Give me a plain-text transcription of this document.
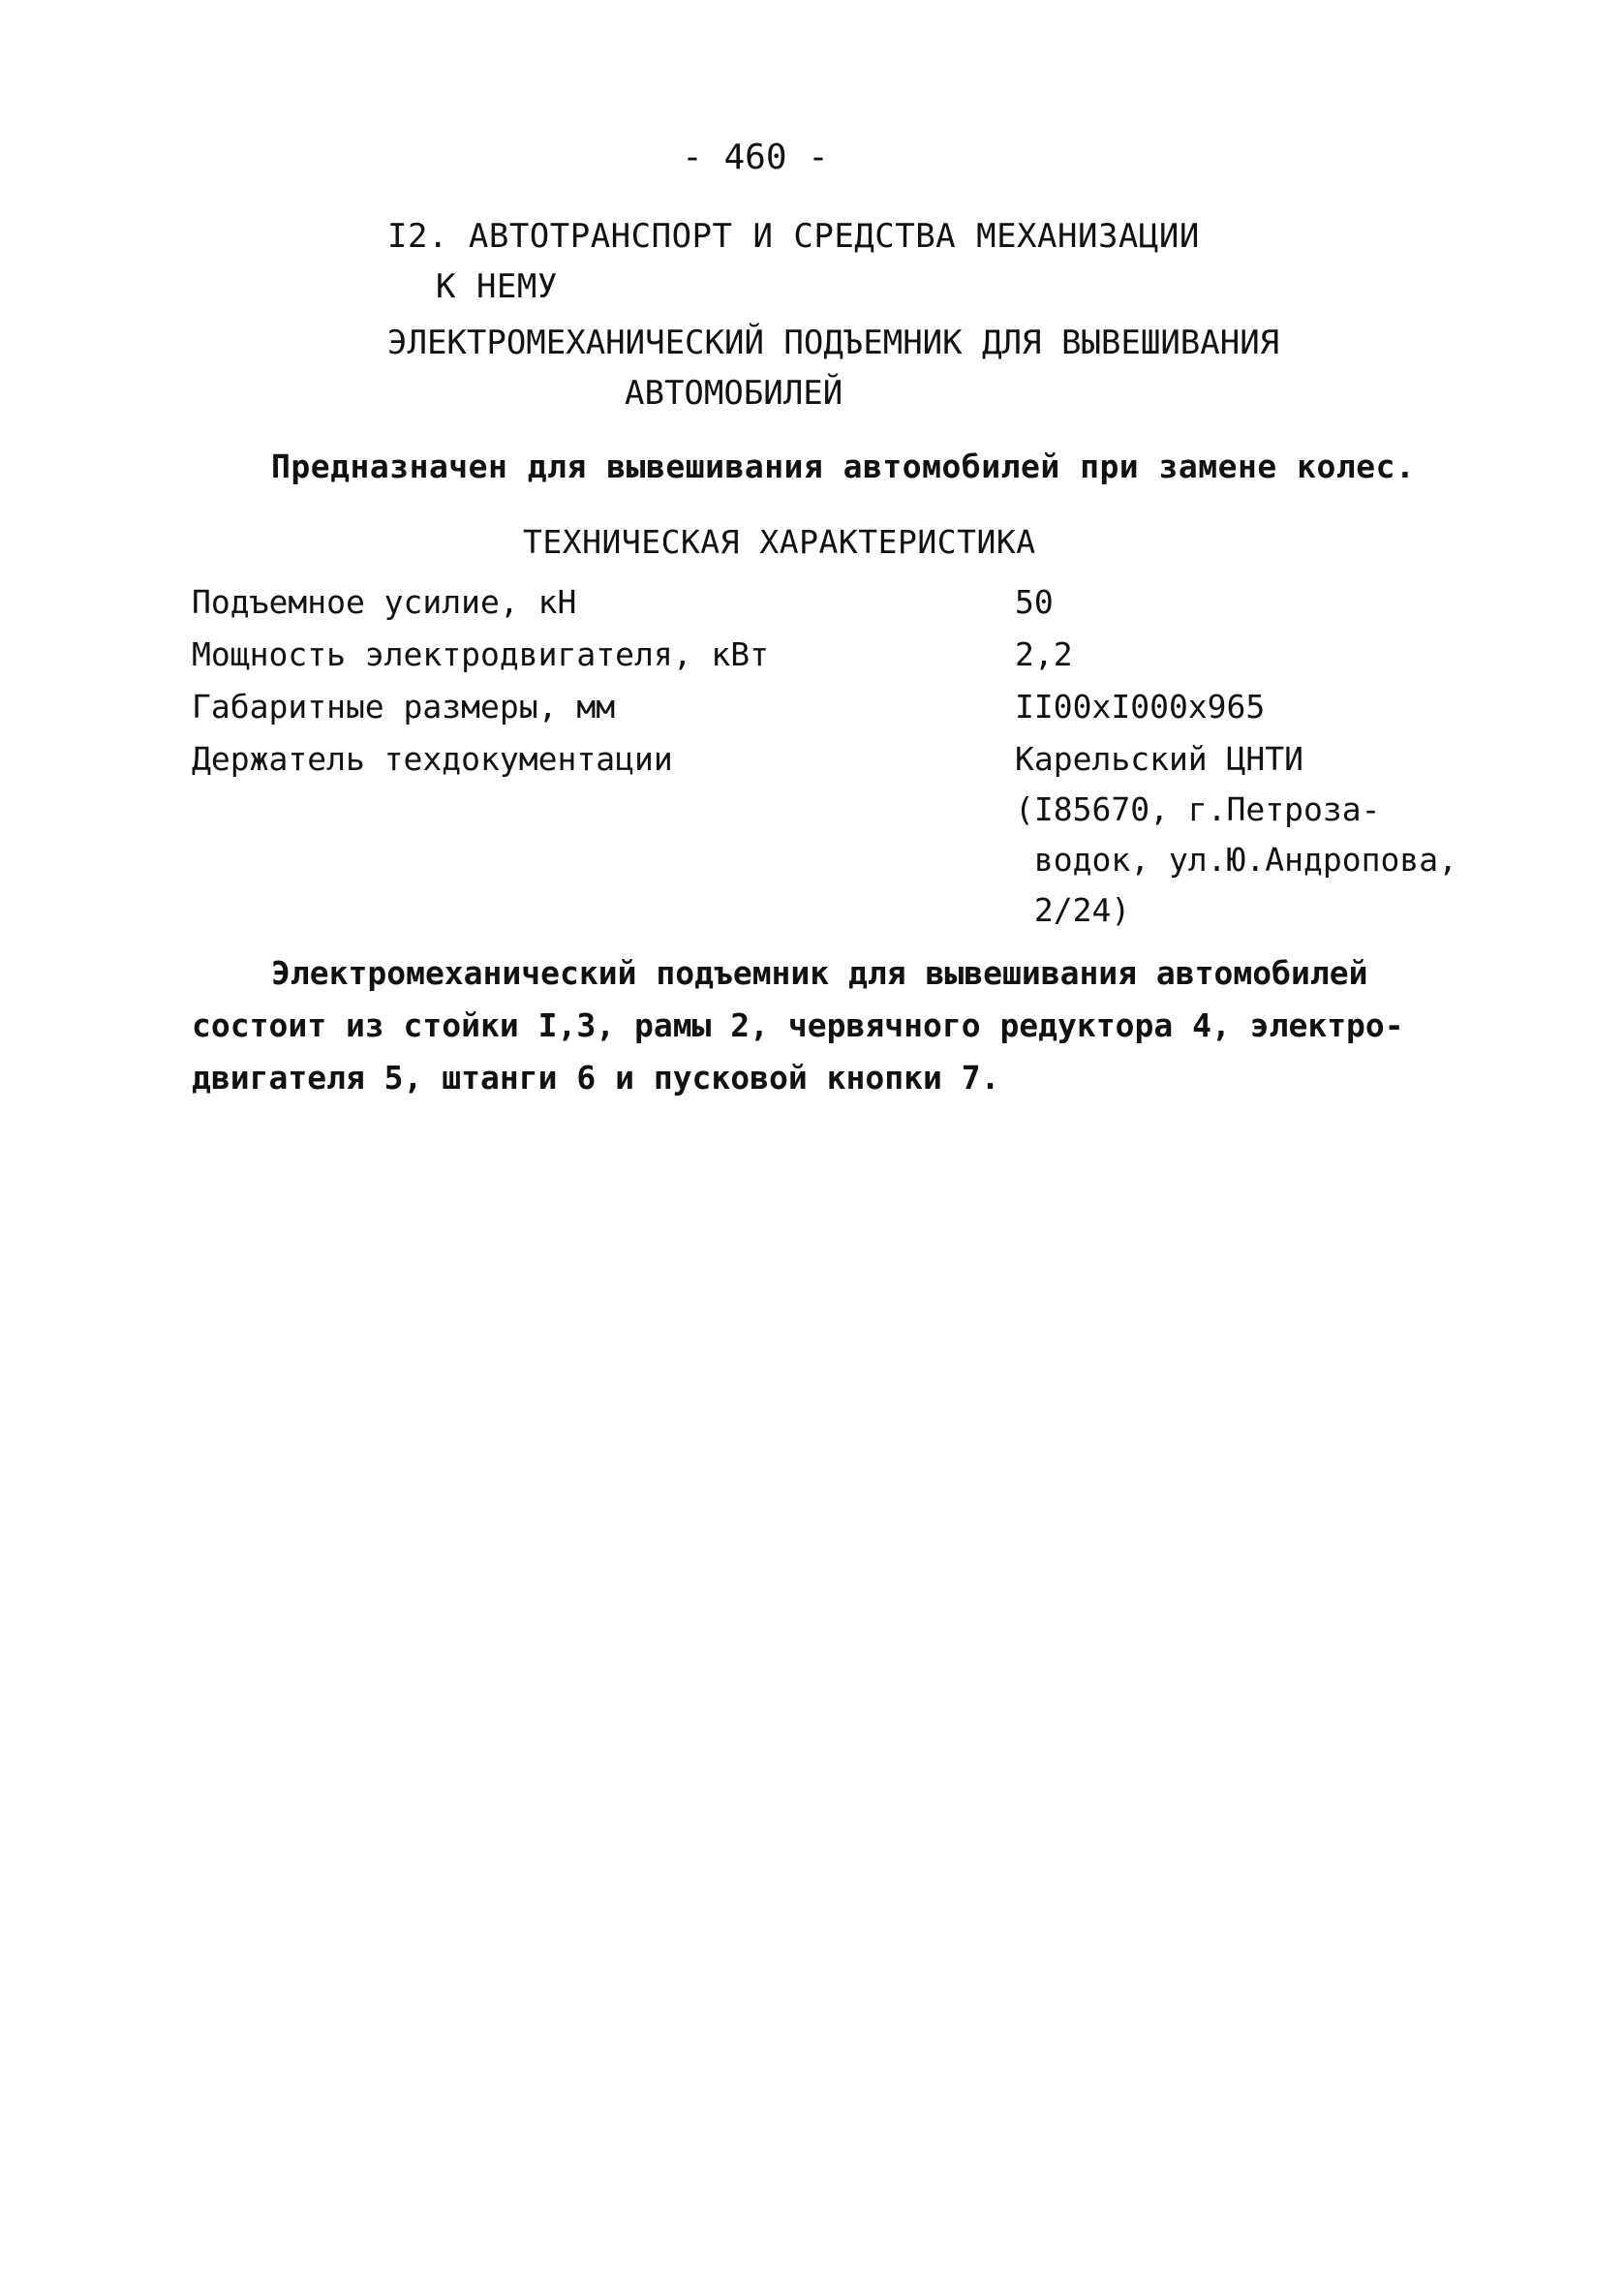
- 460 -
I2. АВТОТРАНСПОРТ И СРЕДСТВА МЕХАНИЗАЦИИ
К НЕМУ
ЭЛЕКТРОМЕХАНИЧЕСКИЙ ПОДЪЕМНИК ДЛЯ ВЫВЕШИВАНИЯ
АВТОМОБИЛЕЙ
Предназначен для вывешивания автомобилей при замене колес.
ТЕХНИЧЕСКАЯ ХАРАКТЕРИСТИКА
Подъемное усилие, кН	50
Мощность электродвигателя, кВт	2,2
Габаритные размеры, мм	II00xI000x965
Держатель техдокументации	Карельский ЦНТИ
(I85670, г.Петроза-
водок, ул.Ю.Андропова,
2/24)
Электромеханический подъемник для вывешивания автомобилей
состоит из стойки I,3, рамы 2, червячного редуктора 4, электро-
двигателя 5, штанги 6 и пусковой кнопки 7.
